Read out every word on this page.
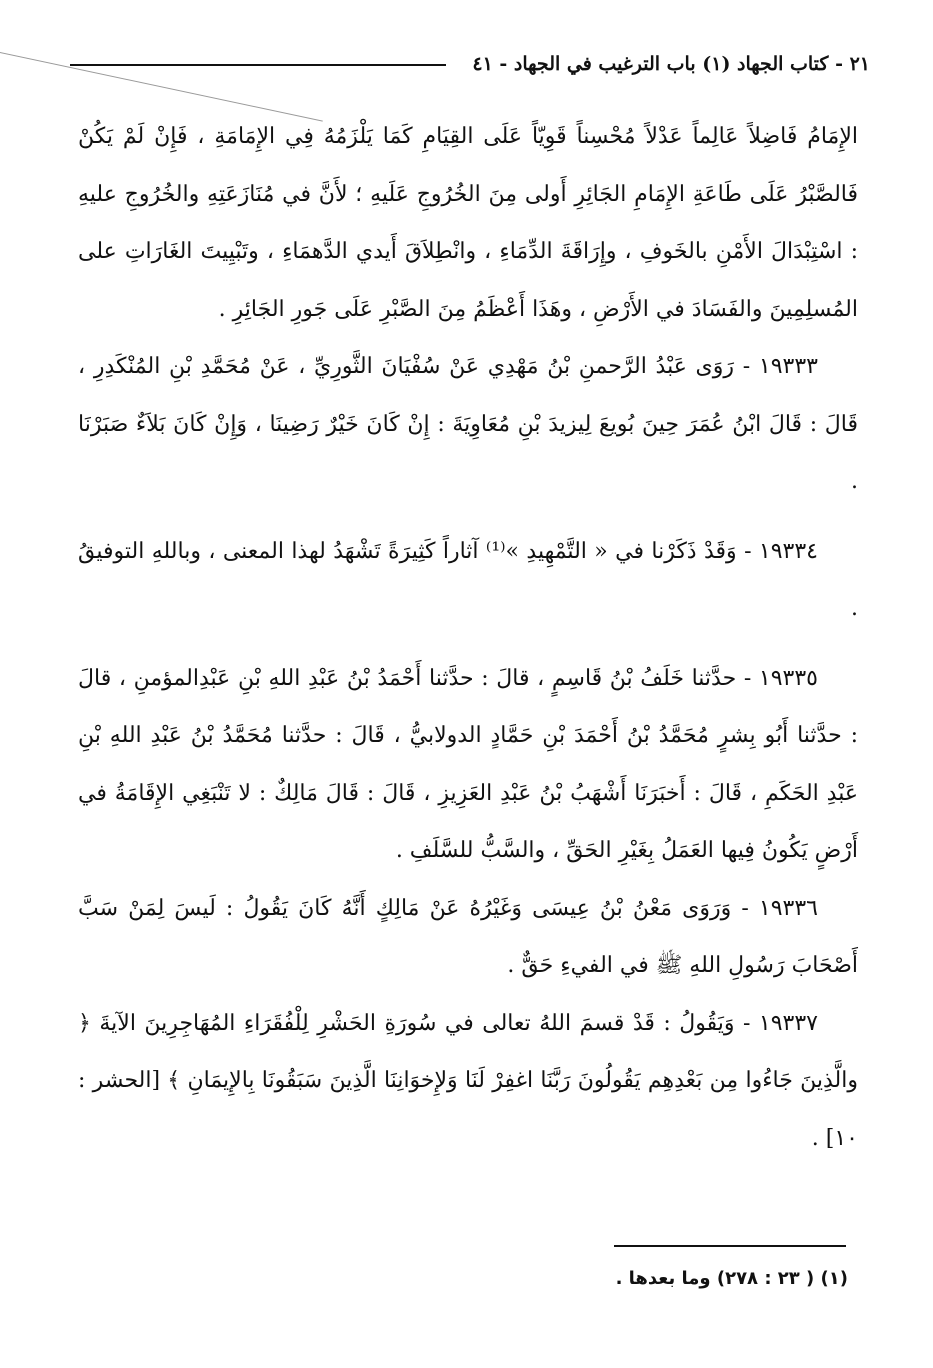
٢١ - كتاب الجهاد (١) باب الترغيب في الجهاد - ٤١

الإِمَامُ فَاضِلاً عَالِماً عَدْلاً مُحْسِناً قَوِيّاً عَلَى القِيَامِ كَمَا يَلْزَمُهُ فِي الإِمَامَةِ ، فَإِنْ لَمْ يَكُنْ فَالصَّبْرُ عَلَى طَاعَةِ الإِمَامِ الجَائِرِ أَولى مِنَ الخُرُوجِ عَلَيهِ ؛ لأَنَّ في مُنَازَعَتِهِ والخُرُوجِ عليهِ : اسْتِبْدَالَ الأَمْنِ بالخَوفِ ، وإِرَاقَةَ الدِّمَاءِ ، وانْطِلاَقَ أَيدي الدَّهمَاءِ ، وتَبْيِيتَ الغَارَاتِ على المُسلِمِينَ والفَسَادَ في الأَرْضِ ، وهَذَا أَعْظَمُ مِنَ الصَّبْرِ عَلَى جَورِ الجَائِرِ .

١٩٣٣٣ - رَوَى عَبْدُ الرَّحمنِ بْنُ مَهْدِي عَنْ سُفْيَانَ الثَّورِيِّ ، عَنْ مُحَمَّدِ بْنِ المُنْكَدِرِ ، قَالَ : قَالَ ابْنُ عُمَرَ حِينَ بُويعَ لِيزيدَ بْنِ مُعَاوِيَةَ : إِنْ كَانَ خَيْرٌ رَضِينَا ، وَإِنْ كَانَ بَلاَءٌ صَبَرْنَا .

١٩٣٣٤ - وَقَدْ ذَكَرْنا في « التَّمْهِيدِ »⁽¹⁾ آثاراً كَثِيرَةً تَشْهَدُ لهذا المعنى ، وباللهِ التوفيقُ .

١٩٣٣٥ - حدَّثنا خَلَفُ بْنُ قَاسِمٍ ، قالَ : حدَّثنا أَحْمَدُ بْنُ عَبْدِ اللهِ بْنِ عَبْدِالمؤمنِ ، قالَ : حدَّثنا أَبُو بِشرٍ مُحَمَّدُ بْنُ أَحْمَدَ بْنِ حَمَّادٍ الدولابيُّ ، قَالَ : حدَّثنا مُحَمَّدُ بْنُ عَبْدِ اللهِ بْنِ عَبْدِ الحَكَمِ ، قَالَ : أَخبَرَنَا أَشْهَبُ بْنُ عَبْدِ العَزِيزِ ، قَالَ : قَالَ مَالِكٌ : لا تَنْبَغِي الإِقَامَةُ في أَرْضٍ يَكُونُ فِيها العَمَلُ بِغَيْرِ الحَقِّ ، والسَّبُّ للسَّلَفِ .

١٩٣٣٦ - وَرَوَى مَعْنُ بْنُ عِيسَى وَغَيْرُهُ عَنْ مَالِكٍ أَنَّهُ كَانَ يَقُولُ : لَيسَ لِمَنْ سَبَّ أَصْحَابَ رَسُولِ اللهِ ﷺ في الفيءِ حَقٌّ .

١٩٣٣٧ - وَيَقُولُ : قَدْ قسمَ اللهُ تعالى في سُورَةِ الحَشْرِ لِلْفُقَرَاءِ المُهَاجِرِينَ الآيةَ ﴿ والَّذِينَ جَاءُوا مِن بَعْدِهِم يَقُولُونَ رَبَّنَا اغفِرْ لَنَا وَلإِخوَانِنَا الَّذِينَ سَبَقُونَا بِالإِيمَانِ ﴾ [الحشر : ١٠] .

(١) ( ٢٣ : ٢٧٨) وما بعدها .
